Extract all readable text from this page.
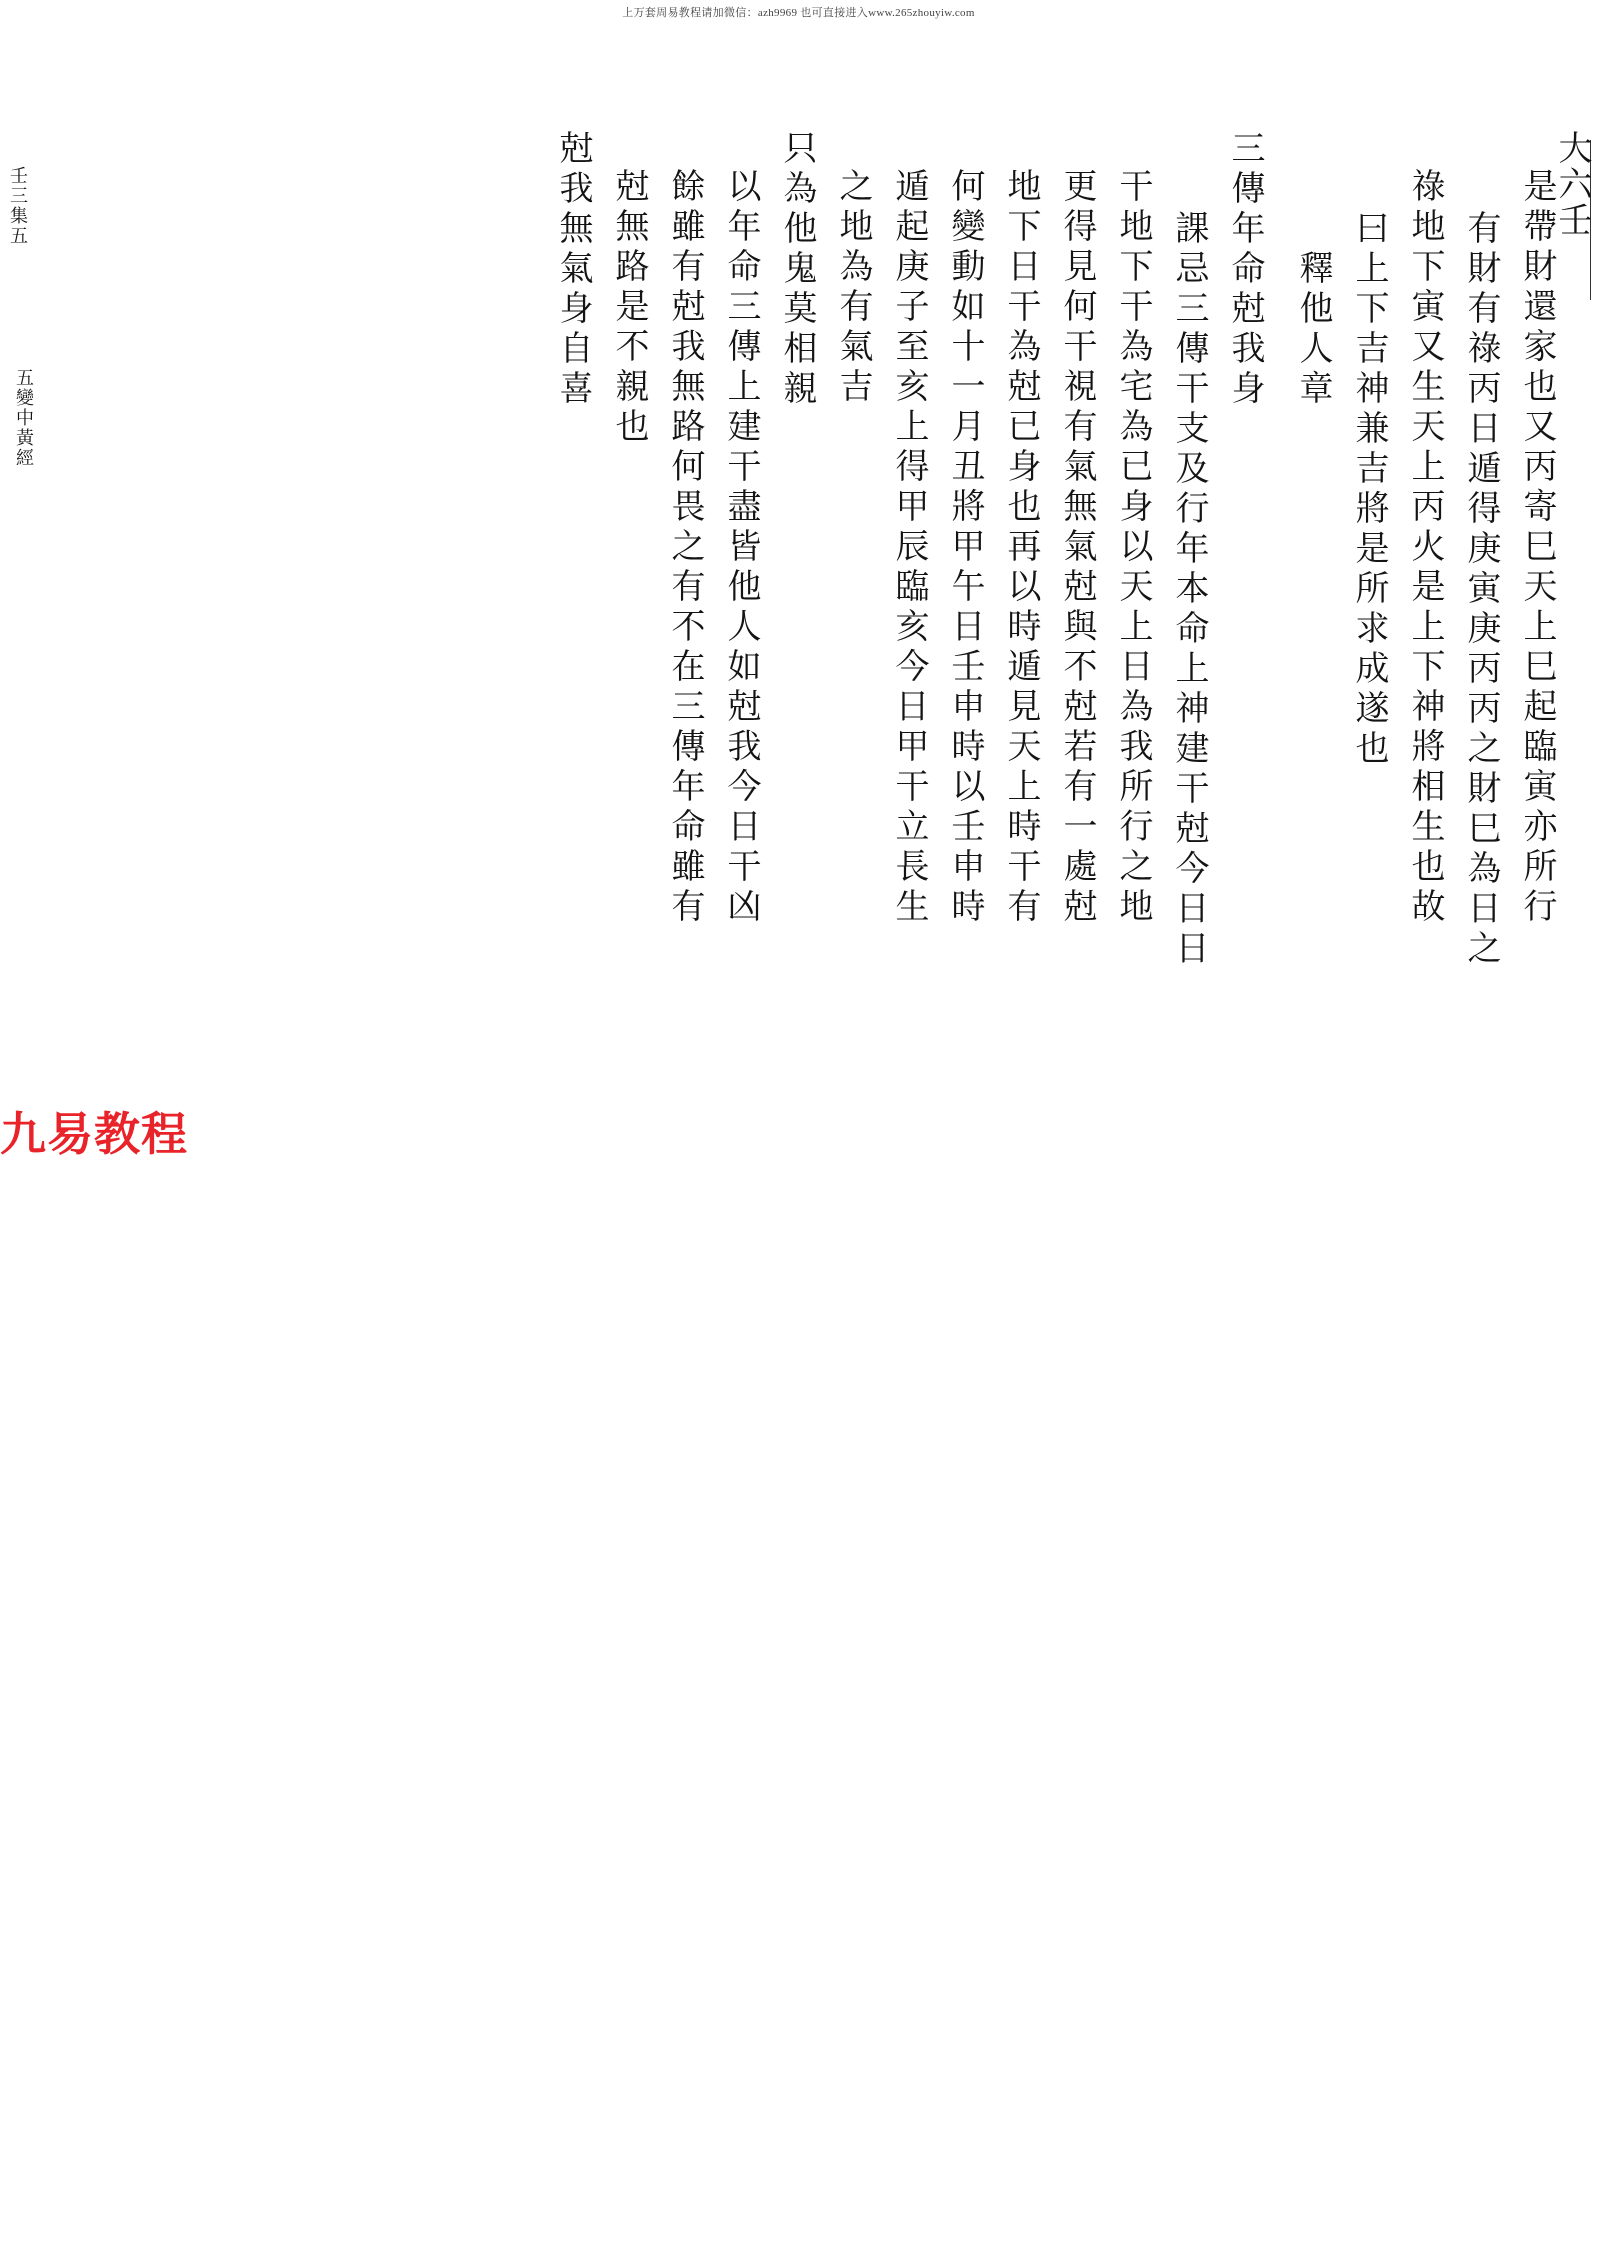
上万套周易教程请加微信：azh9969 也可直接进入www.265zhouyiw.com
大六壬
是帶財還家也又丙寄巳天上巳起臨寅亦所行
有財有祿丙日遁得庚寅庚丙丙之財巳為日之
祿地下寅又生天上丙火是上下神將相生也故
曰上下吉神兼吉將是所求成遂也
釋他人章
三傳年命尅我身
課忌三傳干支及行年本命上神建干尅今日日
干地下干為宅為已身以天上日為我所行之地
更得見何干視有氣無氣尅與不尅若有一處尅
地下日干為尅已身也再以時遁見天上時干有
何變動如十一月丑將甲午日壬申時以壬申時
遁起庚子至亥上得甲辰臨亥今日甲干立長生
之地為有氣吉
只為他鬼莫相親
以年命三傳上建干盡皆他人如尅我今日干凶
餘雖有尅我無路何畏之有不在三傳年命雖有
尅無路是不親也
尅我無氣身自喜
壬三集五
五變中黃經
九易教程
